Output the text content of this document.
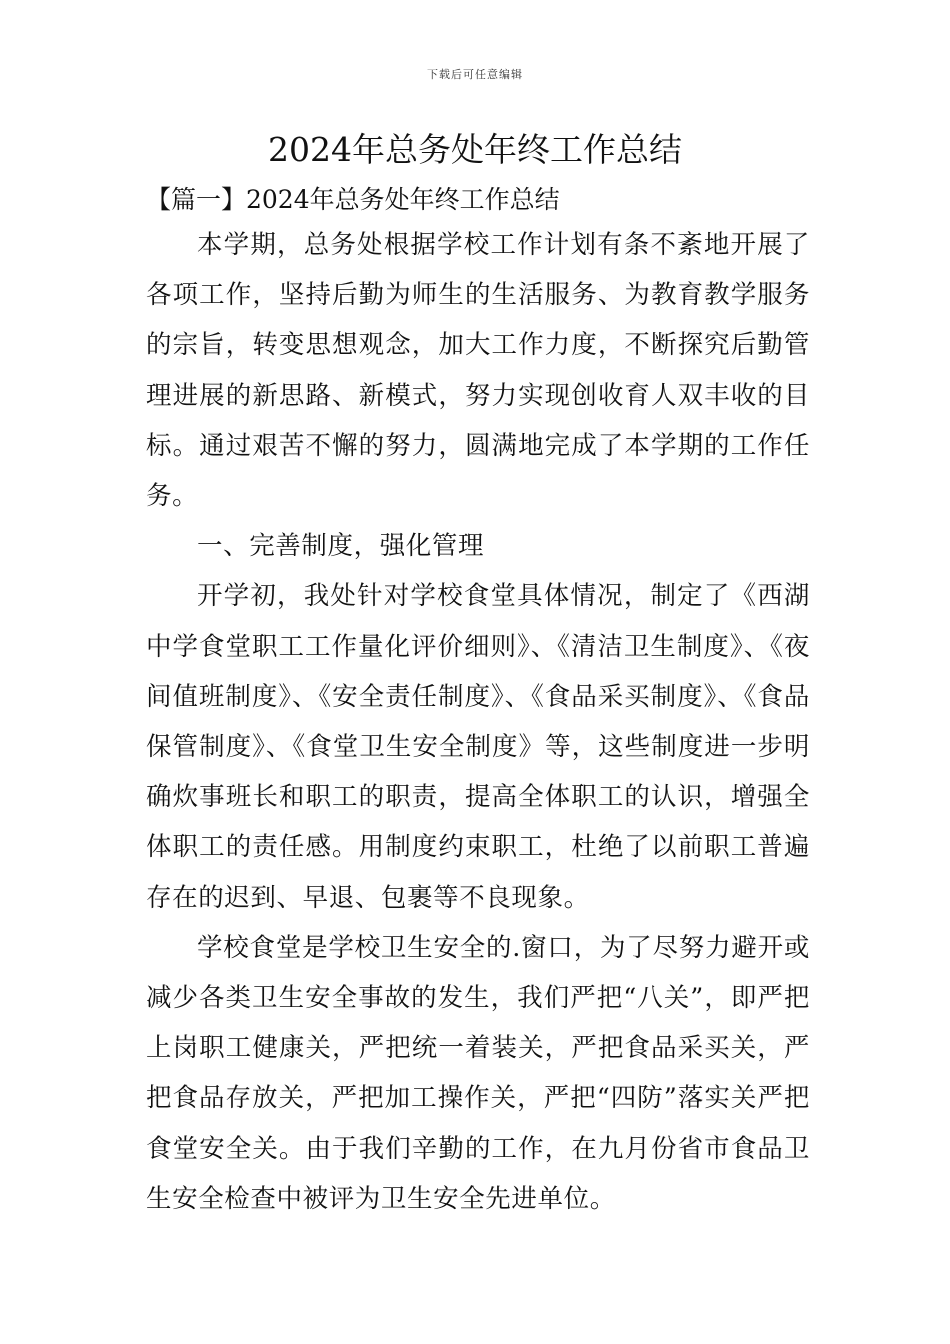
下载后可任意编辑
2024年总务处年终工作总结
【篇一】2024年总务处年终工作总结

本学期，总务处根据学校工作计划有条不紊地开展了各项工作，坚持后勤为师生的生活服务、为教育教学服务的宗旨，转变思想观念，加大工作力度，不断探究后勤管理进展的新思路、新模式，努力实现创收育人双丰收的目标。通过艰苦不懈的努力，圆满地完成了本学期的工作任务。

一、完善制度，强化管理

开学初，我处针对学校食堂具体情况，制定了《西湖中学食堂职工工作量化评价细则》、《清洁卫生制度》、《夜间值班制度》、《安全责任制度》、《食品采买制度》、《食品保管制度》、《食堂卫生安全制度》等，这些制度进一步明确炊事班长和职工的职责，提高全体职工的认识，增强全体职工的责任感。用制度约束职工，杜绝了以前职工普遍存在的迟到、早退、包裹等不良现象。

学校食堂是学校卫生安全的.窗口，为了尽努力避开或减少各类卫生安全事故的发生，我们严把“八关”，即严把上岗职工健康关，严把统一着装关，严把食品采买关，严把食品存放关，严把加工操作关，严把“四防”落实关严把食堂安全关。由于我们辛勤的工作，在九月份省市食品卫生安全检查中被评为卫生安全先进单位。
